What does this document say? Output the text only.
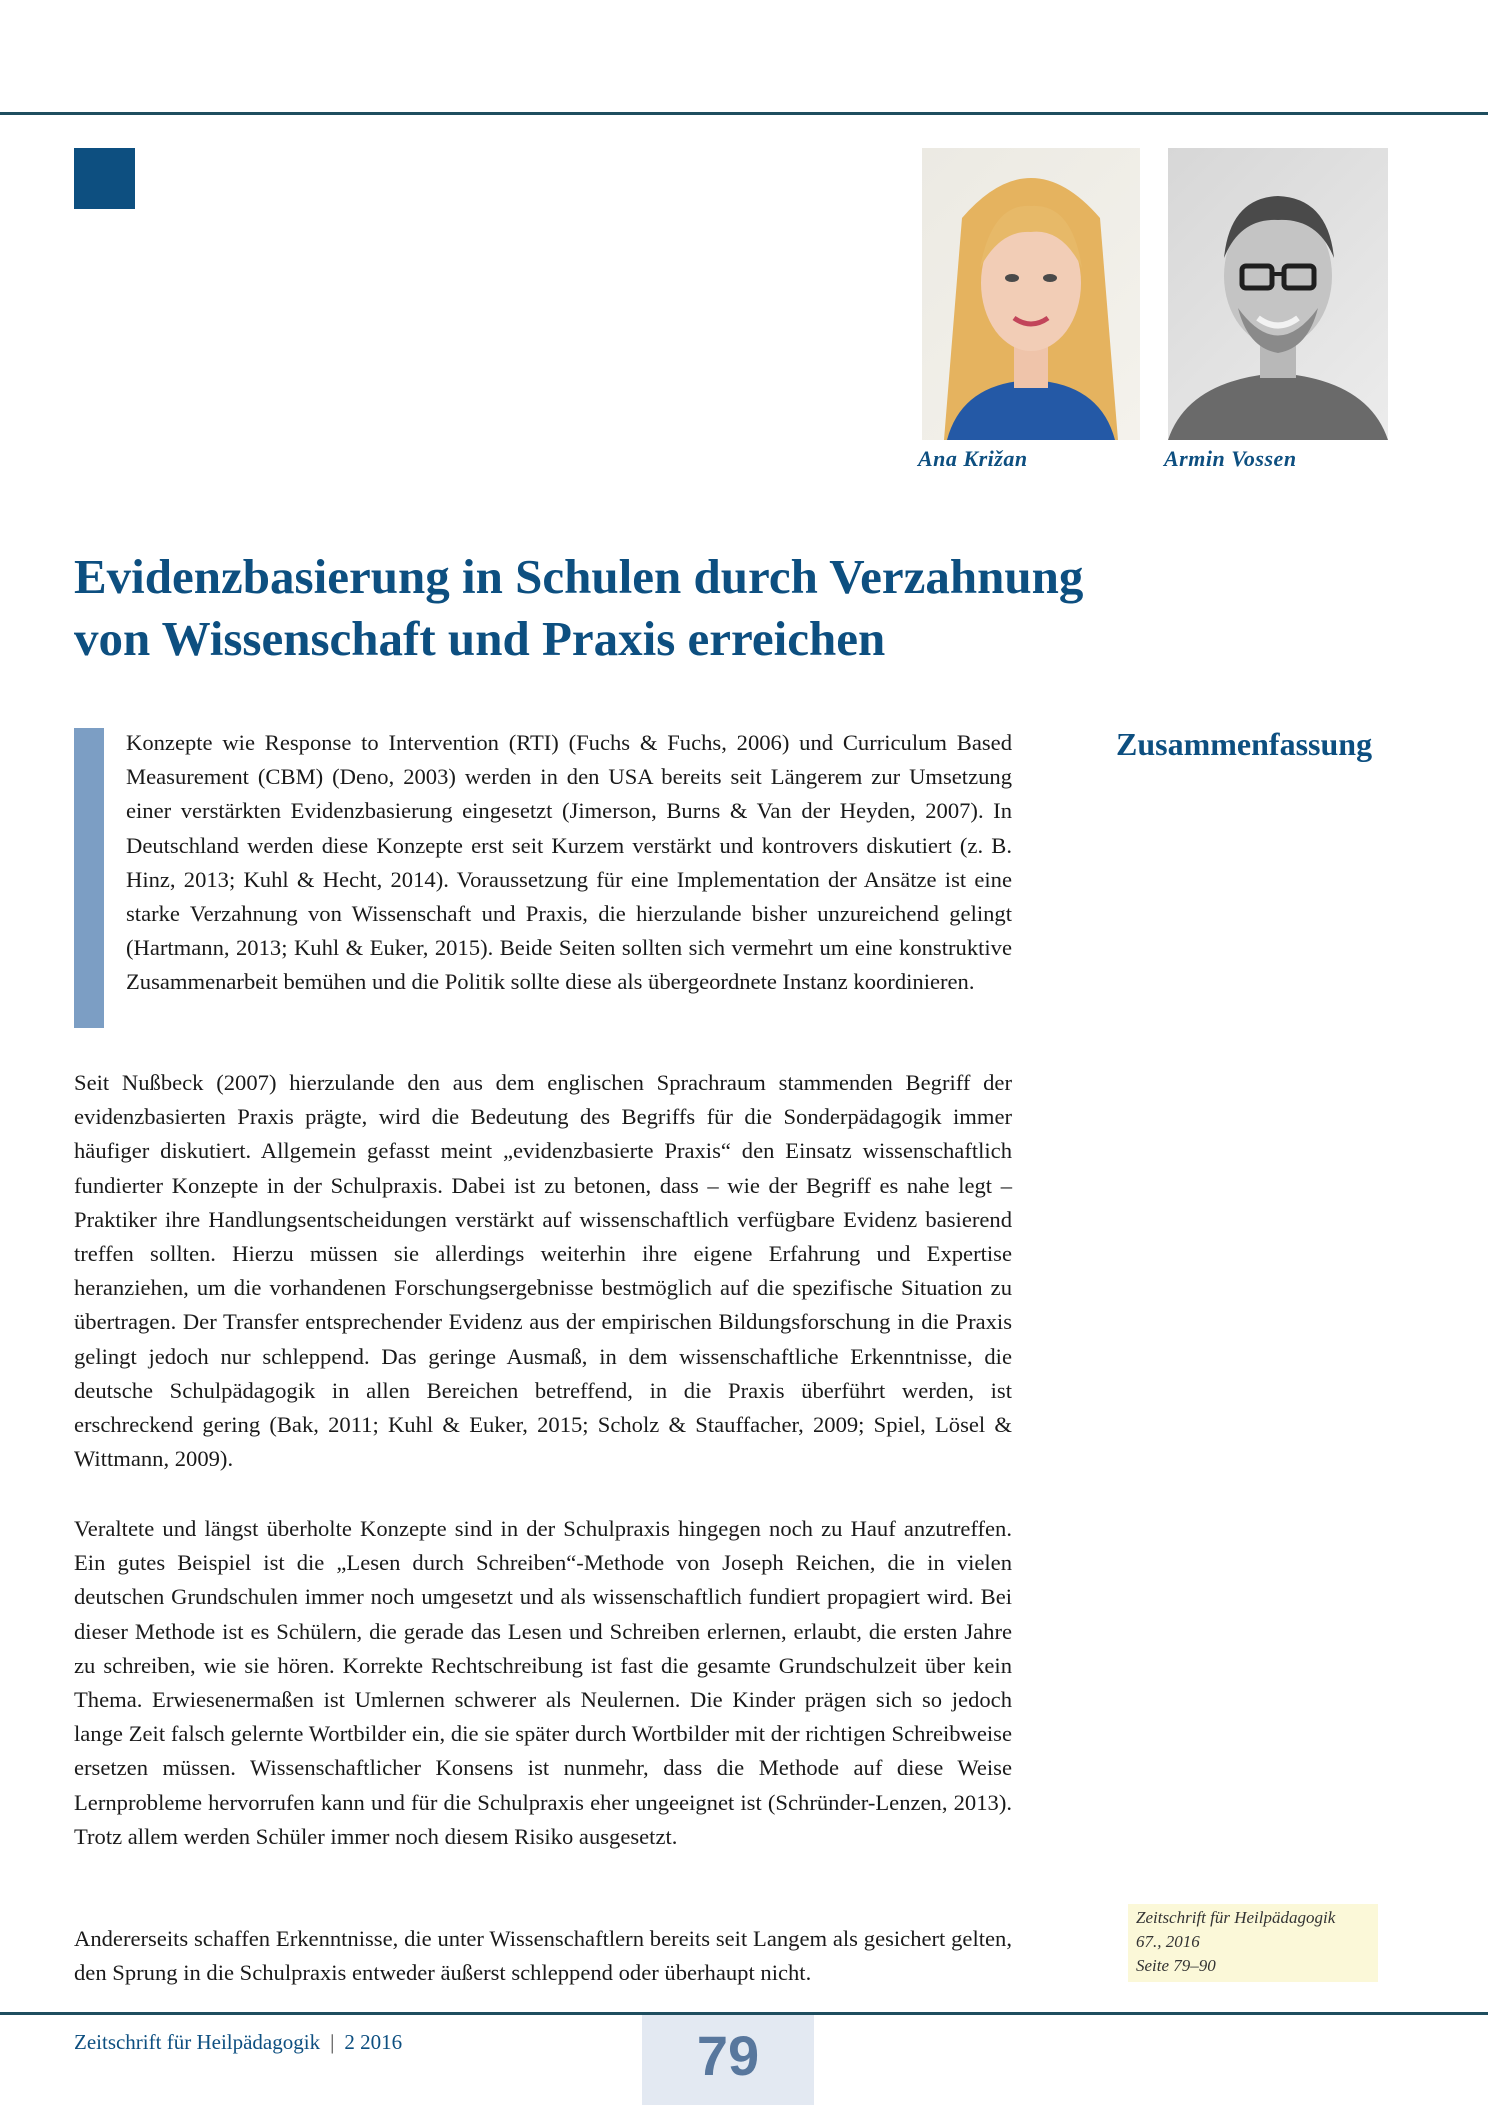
Ana Križan	Armin Vossen
Evidenzbasierung in Schulen durch Verzahnung
von Wissenschaft und Praxis erreichen

Konzepte wie Response to Intervention (RTI) (Fuchs & Fuchs, 2006) und Curriculum Based Measurement (CBM) (Deno, 2003) werden in den USA bereits seit Längerem zur Umsetzung einer verstärkten Evidenzbasierung eingesetzt (Jimerson, Burns & Van der Heyden, 2007). In Deutschland werden diese Konzepte erst seit Kurzem verstärkt und kontrovers diskutiert (z. B. Hinz, 2013; Kuhl & Hecht, 2014). Voraussetzung für eine Implementation der Ansätze ist eine starke Verzahnung von Wissenschaft und Praxis, die hierzulande bisher unzureichend gelingt (Hartmann, 2013; Kuhl & Euker, 2015). Beide Seiten sollten sich vermehrt um eine konstruktive Zusammenarbeit bemühen und die Politik sollte diese als übergeordnete Instanz koordinieren.

Zusammenfassung

Seit Nußbeck (2007) hierzulande den aus dem englischen Sprachraum stammenden Begriff der evidenzbasierten Praxis prägte, wird die Bedeutung des Begriffs für die Sonderpädagogik immer häufiger diskutiert. Allgemein gefasst meint „evidenzbasierte Praxis“ den Einsatz wissenschaftlich fundierter Konzepte in der Schulpraxis. Dabei ist zu betonen, dass – wie der Begriff es nahe legt – Praktiker ihre Handlungsentscheidungen verstärkt auf wissenschaftlich verfügbare Evidenz basierend treffen sollten. Hierzu müssen sie allerdings weiterhin ihre eigene Erfahrung und Expertise heranziehen, um die vorhandenen Forschungsergebnisse bestmöglich auf die spezifische Situation zu übertragen. Der Transfer entsprechender Evidenz aus der empirischen Bildungsforschung in die Praxis gelingt jedoch nur schleppend. Das geringe Ausmaß, in dem wissenschaftliche Erkenntnisse, die deutsche Schulpädagogik in allen Bereichen betreffend, in die Praxis überführt werden, ist erschreckend gering (Bak, 2011; Kuhl & Euker, 2015; Scholz & Stauffacher, 2009; Spiel, Lösel & Wittmann, 2009).

Veraltete und längst überholte Konzepte sind in der Schulpraxis hingegen noch zu Hauf anzutreffen. Ein gutes Beispiel ist die „Lesen durch Schreiben“-Methode von Joseph Reichen, die in vielen deutschen Grundschulen immer noch umgesetzt und als wissenschaftlich fundiert propagiert wird. Bei dieser Methode ist es Schülern, die gerade das Lesen und Schreiben erlernen, erlaubt, die ersten Jahre zu schreiben, wie sie hören. Korrekte Rechtschreibung ist fast die gesamte Grundschulzeit über kein Thema. Erwiesenermaßen ist Umlernen schwerer als Neulernen. Die Kinder prägen sich so jedoch lange Zeit falsch gelernte Wortbilder ein, die sie später durch Wortbilder mit der richtigen Schreibweise ersetzen müssen. Wissenschaftlicher Konsens ist nunmehr, dass die Methode auf diese Weise Lernprobleme hervorrufen kann und für die Schulpraxis eher ungeeignet ist (Schründer-Lenzen, 2013). Trotz allem werden Schüler immer noch diesem Risiko ausgesetzt.

Andererseits schaffen Erkenntnisse, die unter Wissenschaftlern bereits seit Langem als gesichert gelten, den Sprung in die Schulpraxis entweder äußerst schleppend oder überhaupt nicht.

Zeitschrift für Heilpädagogik
67., 2016
Seite 79–90
Zeitschrift für Heilpädagogik | 2 2016	79
